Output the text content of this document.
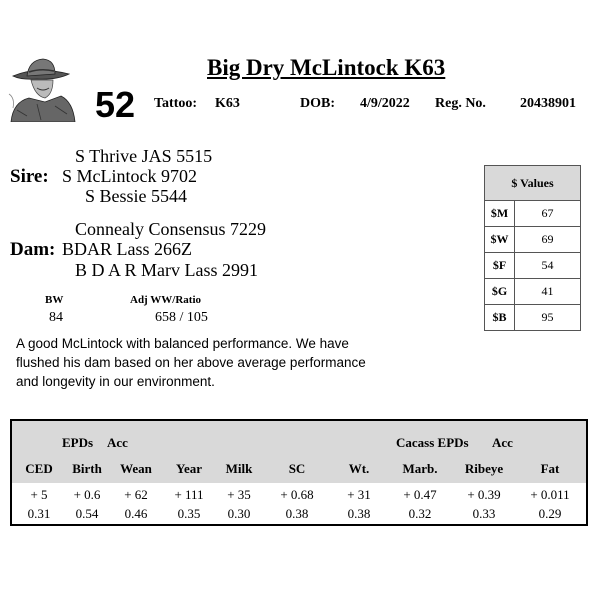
Big Dry McLintock K63
52 Tattoo: K63	DOB: 4/9/2022 Reg. No. 20438901
S Thrive JAS 5515
Sire: S McLintock 9702
S Bessie 5544
Connealy Consensus 7229
Dam: BDAR Lass 266Z
B D A R Marv Lass 2991
BW
84
Adj WW/Ratio
658 / 105
A good McLintock with balanced performance. We have flushed his dam based on her above average performance and longevity in our environment.
$ Values	
$M	67
$W	69
$F	54
$G	41
$B	95
EPDs Acc	Cacass EPDs Acc
CED	Birth	Wean	Year	Milk	SC	Wt.	Marb.	Ribeye	Fat
+ 5	+ 0.6	+ 62	+ 111	+ 35	+ 0.68	+ 31	+ 0.47	+ 0.39	+ 0.011
0.31	0.54	0.46	0.35	0.30	0.38	0.38	0.32	0.33	0.29
